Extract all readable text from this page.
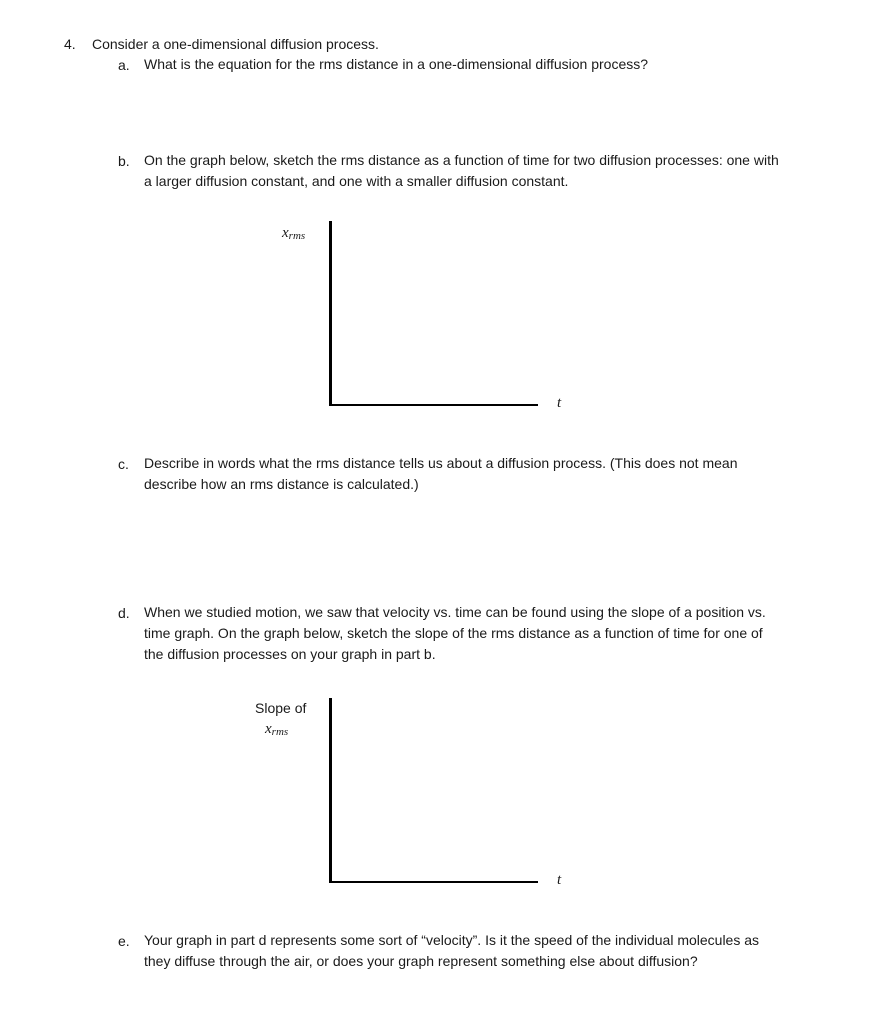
4. Consider a one-dimensional diffusion process.
a. What is the equation for the rms distance in a one-dimensional diffusion process?
b. On the graph below, sketch the rms distance as a function of time for two diffusion processes: one with
a larger diffusion constant, and one with a smaller diffusion constant.
$x_{rms}$
t
c. Describe in words what the rms distance tells us about a diffusion process. (This does not mean
describe how an rms distance is calculated.)
d. When we studied motion, we saw that velocity vs. time can be found using the slope of a position vs.
time graph. On the graph below, sketch the slope of the rms distance as a function of time for one of
the diffusion processes on your graph in part b.
Slope of
$x_{rms}$
t
e. Your graph in part d represents some sort of “velocity”. Is it the speed of the individual molecules as
they diffuse through the air, or does your graph represent something else about diffusion?
